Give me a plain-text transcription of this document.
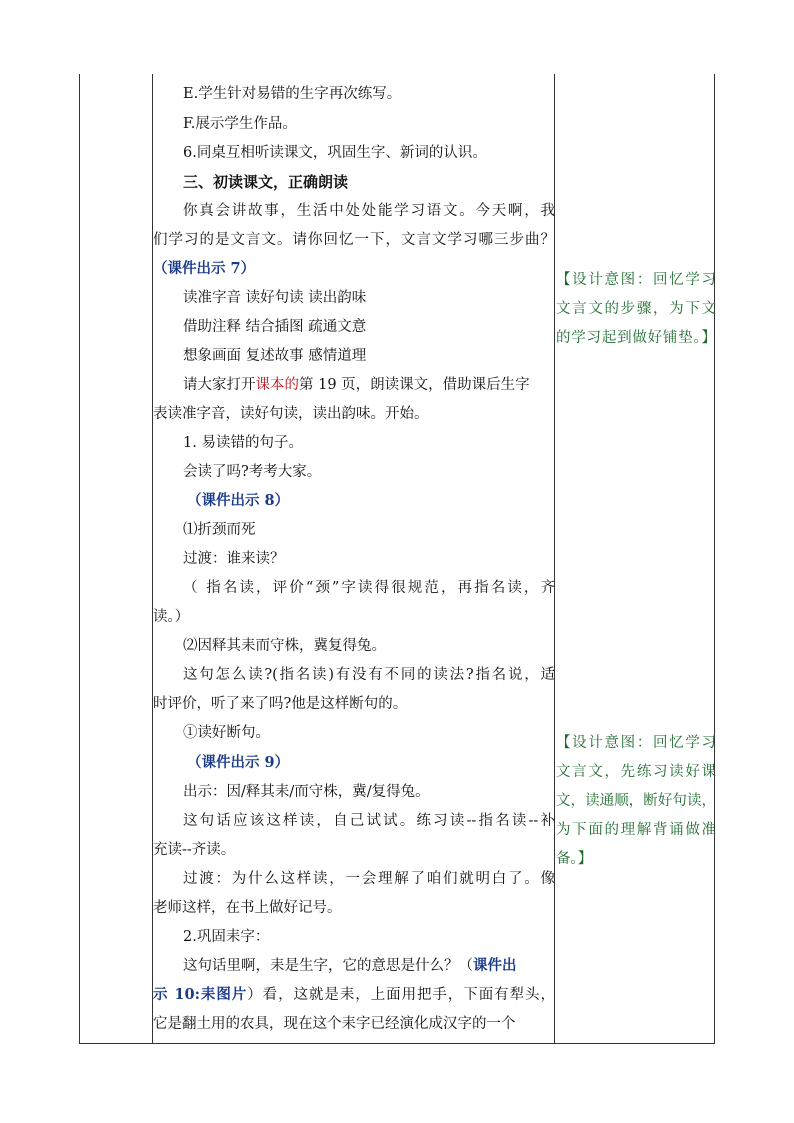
E.学生针对易错的生字再次练写。
F.展示学生作品。
6.同桌互相听读课文，巩固生字、新词的认识。
三、初读课文，正确朗读
你真会讲故事，生活中处处能学习语文。今天啊，我
们学习的是文言文。请你回忆一下，文言文学习哪三步曲？
（课件出示 7）
读准字音 读好句读 读出韵味
借助注释 结合插图 疏通文意
想象画面 复述故事 感情道理
请大家打开课本的第 19 页，朗读课文，借助课后生字
表读准字音，读好句读，读出韵味。开始。
1. 易读错的句子。
会读了吗?考考大家。
（课件出示 8）
⑴折颈而死
过渡：谁来读？
（ 指名读，评价“颈”字读得很规范，再指名读，齐
读。）
⑵因释其耒而守株，冀复得兔。
这句怎么读?(指名读)有没有不同的读法?指名说，适
时评价，听了来了吗?他是这样断句的。
①读好断句。
（课件出示 9）
出示：因/释其耒/而守株，冀/复得兔。
这句话应该这样读，自己试试。练习读--指名读--补
充读--齐读。
过渡：为什么这样读，一会理解了咱们就明白了。像
老师这样，在书上做好记号。
2.巩固耒字：
这句话里啊，耒是生字，它的意思是什么？（课件出
示 10:耒图片）看，这就是耒，上面用把手，下面有犁头，
它是翻土用的农具，现在这个耒字已经演化成汉字的一个
【设计意图：回忆学习
文言文的步骤，为下文
的学习起到做好铺垫。】
【设计意图：回忆学习
文言文，先练习读好课
文，读通顺，断好句读，
为下面的理解背诵做准
备。】
